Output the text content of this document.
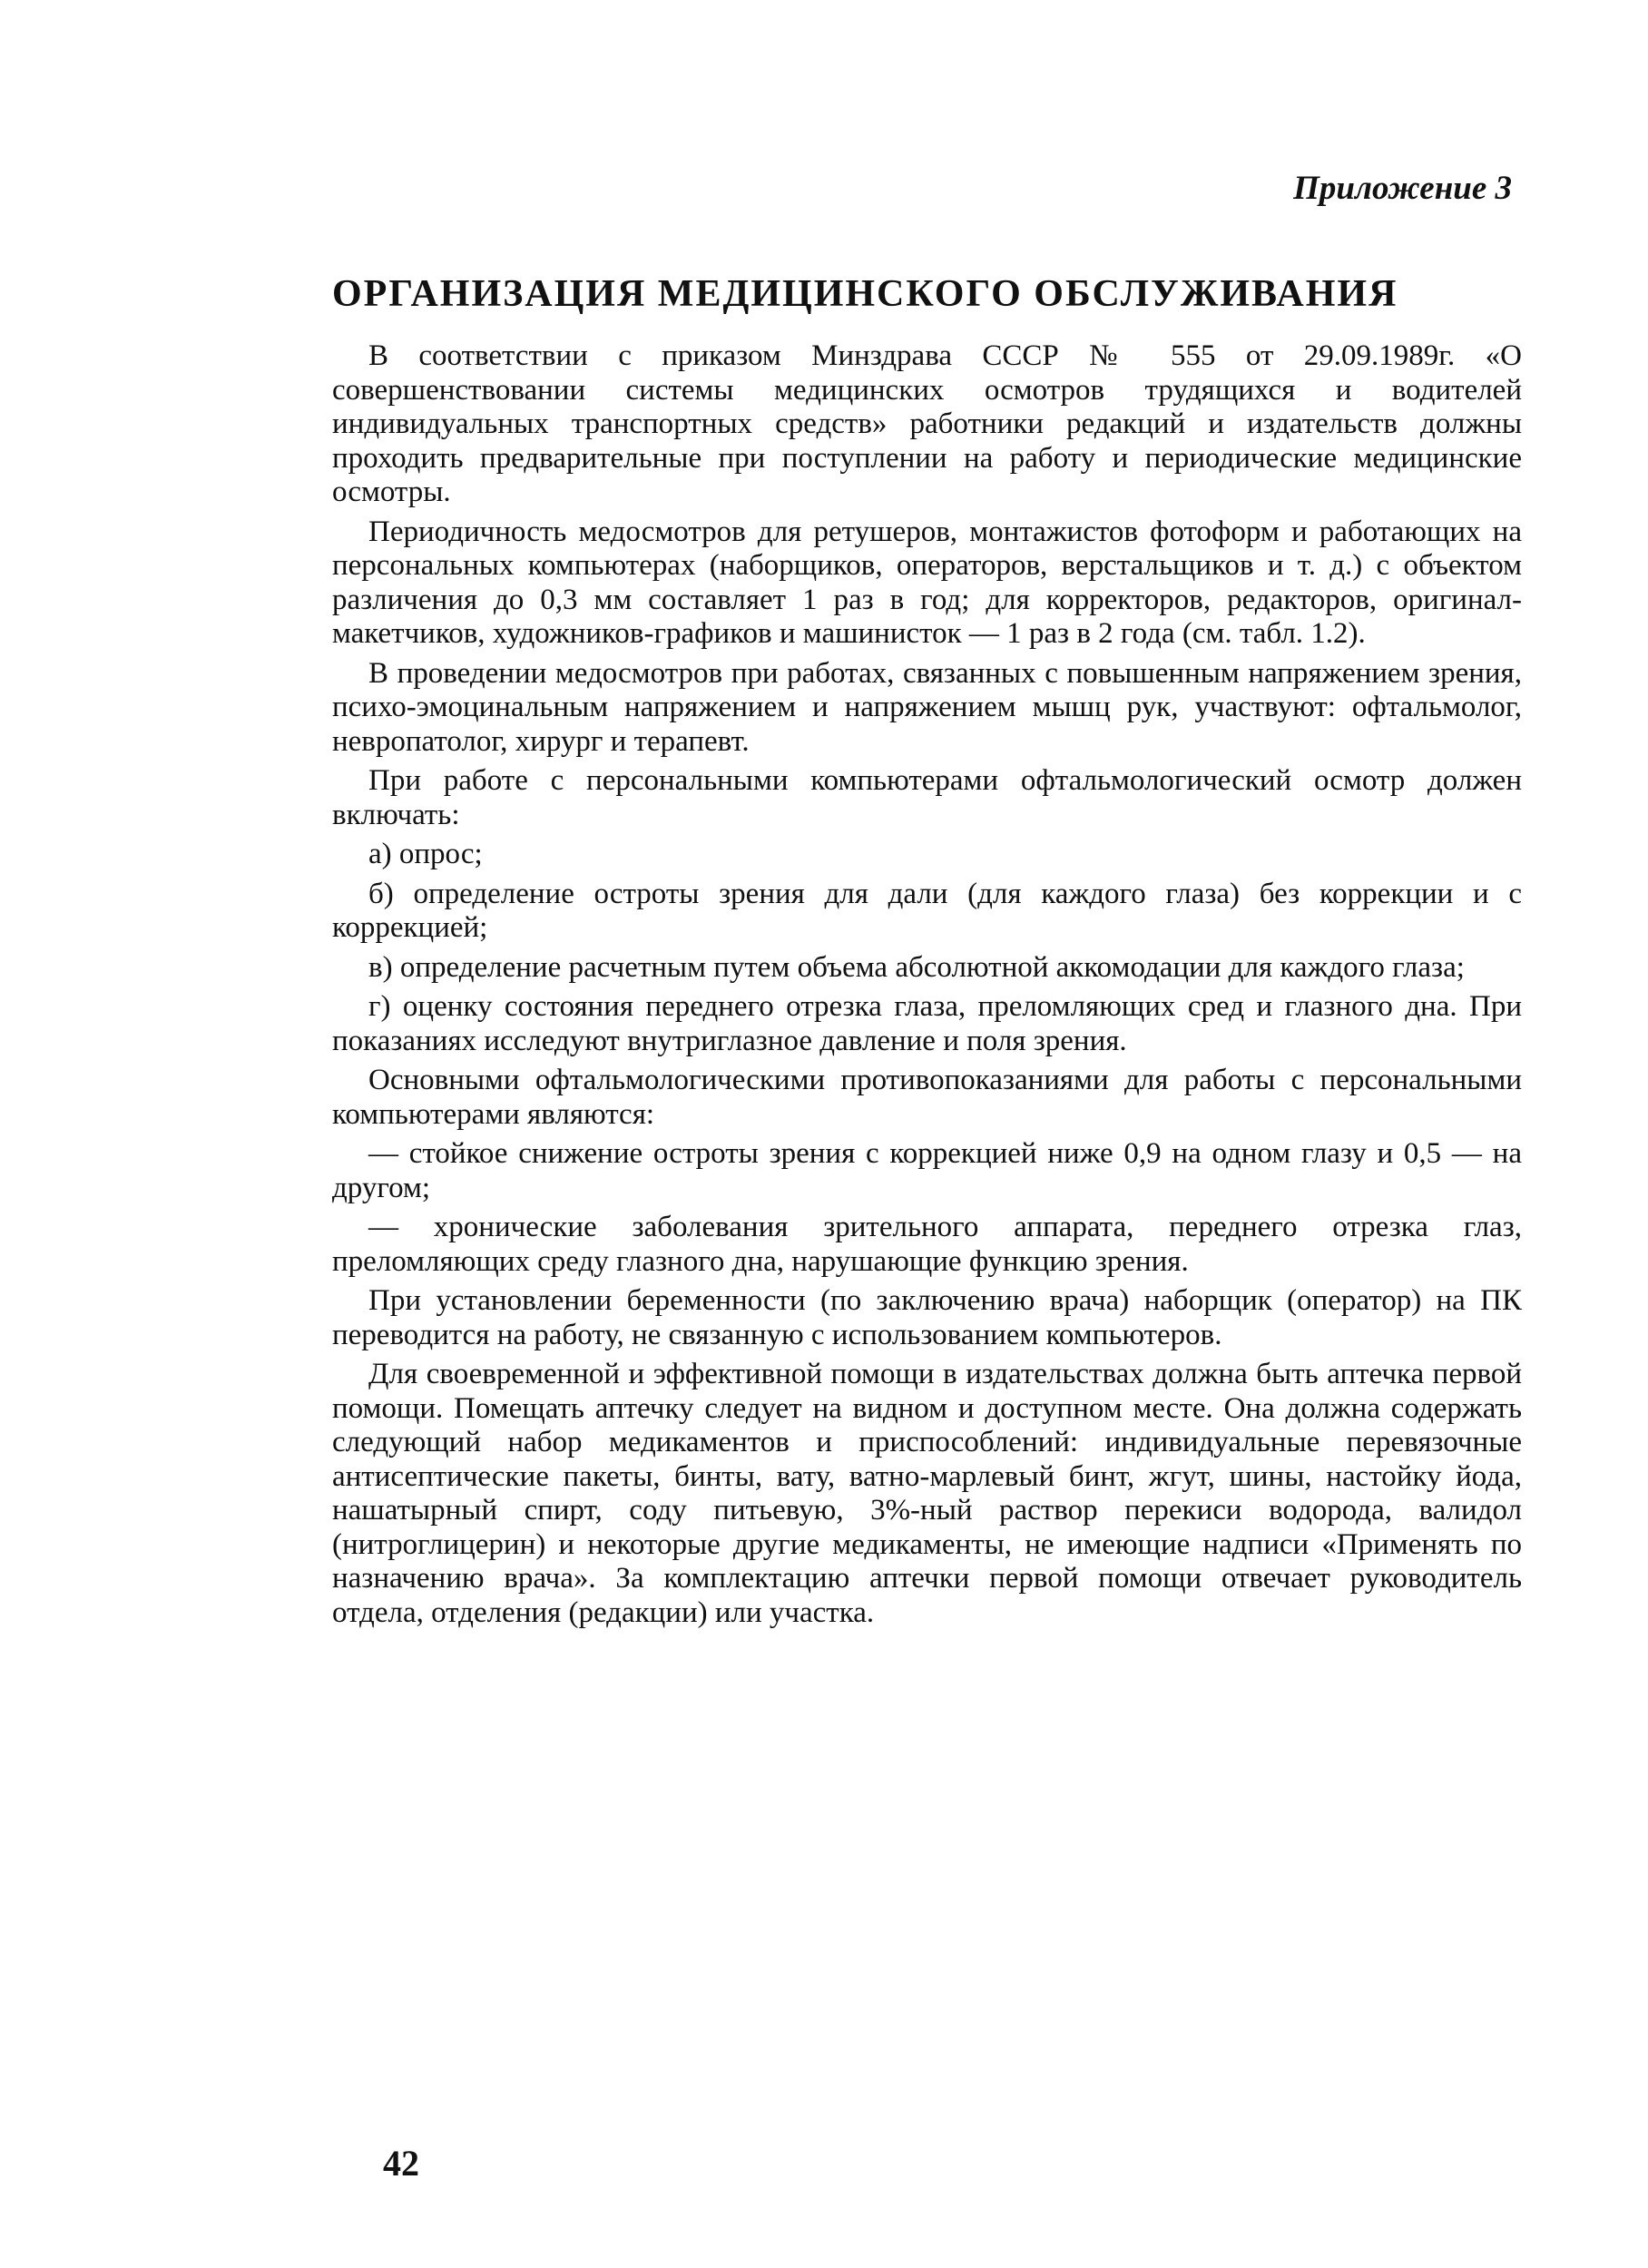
Приложение 3

ОРГАНИЗАЦИЯ МЕДИЦИНСКОГО ОБСЛУЖИВАНИЯ

В соответствии с приказом Минздрава СССР № 555 от 29.09.1989г. «О совершенствовании системы медицинских осмотров трудящихся и водителей индивидуальных транспортных средств» работники редакций и издательств должны проходить предварительные при поступлении на работу и периодические медицинские осмотры.

Периодичность медосмотров для ретушеров, монтажистов фотоформ и работающих на персональных компьютерах (наборщиков, операторов, верстальщиков и т. д.) с объектом различения до 0,3 мм составляет 1 раз в год; для корректоров, редакторов, оригинал-макетчиков, художников-графиков и машинисток — 1 раз в 2 года (см. табл. 1.2).

В проведении медосмотров при работах, связанных с повышенным напряжением зрения, психо-эмоцинальным напряжением и напряжением мышц рук, участвуют: офтальмолог, невропатолог, хирург и терапевт.

При работе с персональными компьютерами офтальмологический осмотр должен включать:

а) опрос;

б) определение остроты зрения для дали (для каждого глаза) без коррекции и с коррекцией;

в) определение расчетным путем объема абсолютной аккомодации для каждого глаза;

г) оценку состояния переднего отрезка глаза, преломляющих сред и глазного дна. При показаниях исследуют внутриглазное давление и поля зрения.

Основными офтальмологическими противопоказаниями для работы с персональными компьютерами являются:

— стойкое снижение остроты зрения с коррекцией ниже 0,9 на одном глазу и 0,5 — на другом;

— хронические заболевания зрительного аппарата, переднего отрезка глаз, преломляющих среду глазного дна, нарушающие функцию зрения.

При установлении беременности (по заключению врача) наборщик (оператор) на ПК переводится на работу, не связанную с использованием компьютеров.

Для своевременной и эффективной помощи в издательствах должна быть аптечка первой помощи. Помещать аптечку следует на видном и доступном месте. Она должна содержать следующий набор медикаментов и приспособлений: индивидуальные перевязочные антисептические пакеты, бинты, вату, ватно-марлевый бинт, жгут, шины, настойку йода, нашатырный спирт, соду питьевую, 3%-ный раствор перекиси водорода, валидол (нитроглицерин) и некоторые другие медикаменты, не имеющие надписи «Применять по назначению врача». За комплектацию аптечки первой помощи отвечает руководитель отдела, отделения (редакции) или участка.

42
